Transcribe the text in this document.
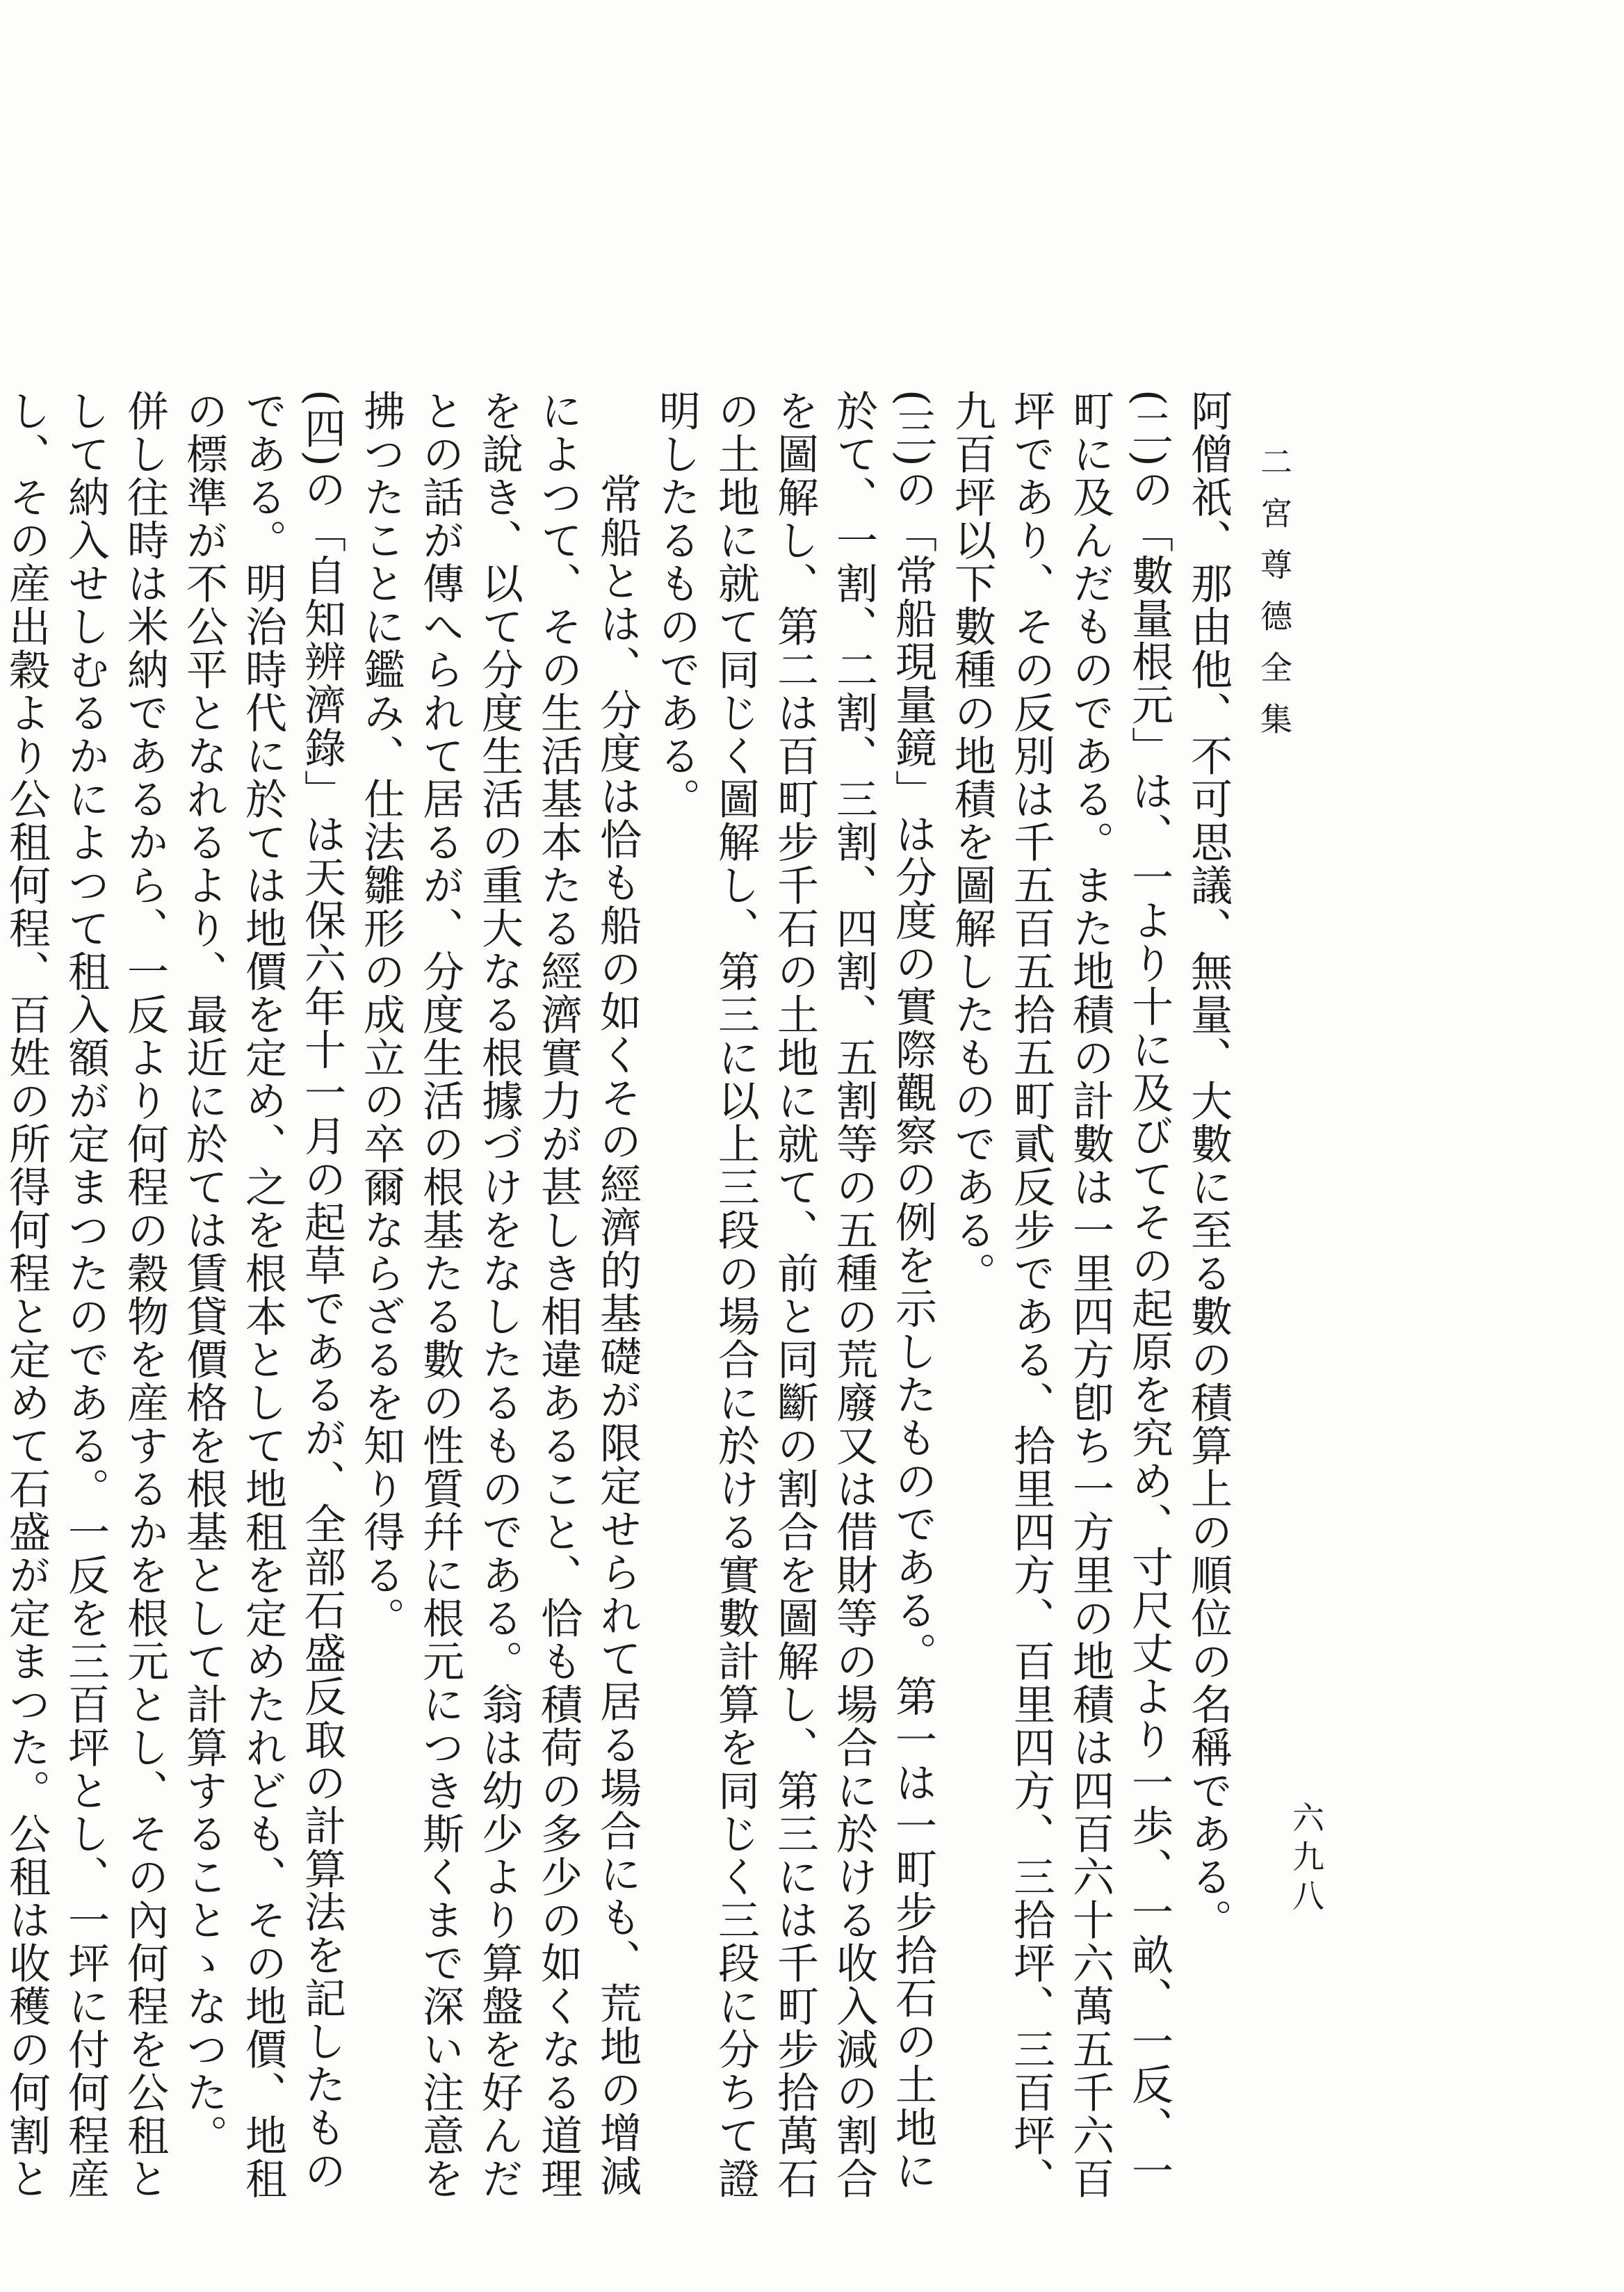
二宮尊德全集
六九八

阿僧祇、那由他、不可思議、無量、大數に至る數の積算上の順位の名稱である。

(二)の「數量根元」は、一より十に及びてその起原を究め、寸尺丈より一歩、一畝、一反、一町に及んだものである。また地積の計數は一里四方卽ち一方里の地積は四百六十六萬五千六百坪であり、その反別は千五百五拾五町貳反步である、拾里四方、百里四方、三拾坪、三百坪、九百坪以下數種の地積を圖解したものである。

(三)の「常船現量鏡」は分度の實際觀察の例を示したものである。第一は一町步拾石の土地に於て、一割、二割、三割、四割、五割等の五種の荒廢又は借財等の場合に於ける收入減の割合を圖解し、第二は百町步千石の土地に就て、前と同斷の割合を圖解し、第三には千町步拾萬石の土地に就て同じく圖解し、第三に以上三段の場合に於ける實數計算を同じく三段に分ちて證明したるものである。

常船とは、分度は恰も船の如くその經濟的基礎が限定せられて居る場合にも、荒地の增減によつて、その生活基本たる經濟實力が甚しき相違あること、恰も積荷の多少の如くなる道理を說き、以て分度生活の重大なる根據づけをなしたるものである。翁は幼少より算盤を好んだとの話が傳へられて居るが、分度生活の根基たる數の性質幷に根元につき斯くまで深い注意を拂つたことに鑑み、仕法雛形の成立の卒爾ならざるを知り得る。

(四)の「自知辨濟錄」は天保六年十一月の起草であるが、全部石盛反取の計算法を記したものである。明治時代に於ては地價を定め、之を根本として地租を定めたれども、その地價、地租の標準が不公平となれるより、最近に於ては賃貸價格を根基として計算することゝなつた。

併し往時は米納であるから、一反より何程の穀物を産するかを根元とし、その內何程を公租として納入せしむるかによつて租入額が定まつたのである。一反を三百坪とし、一坪に付何程産し、その産出穀より公租何程、百姓の所得何程と定めて石盛が定まつた。公租は收穫の何割と
